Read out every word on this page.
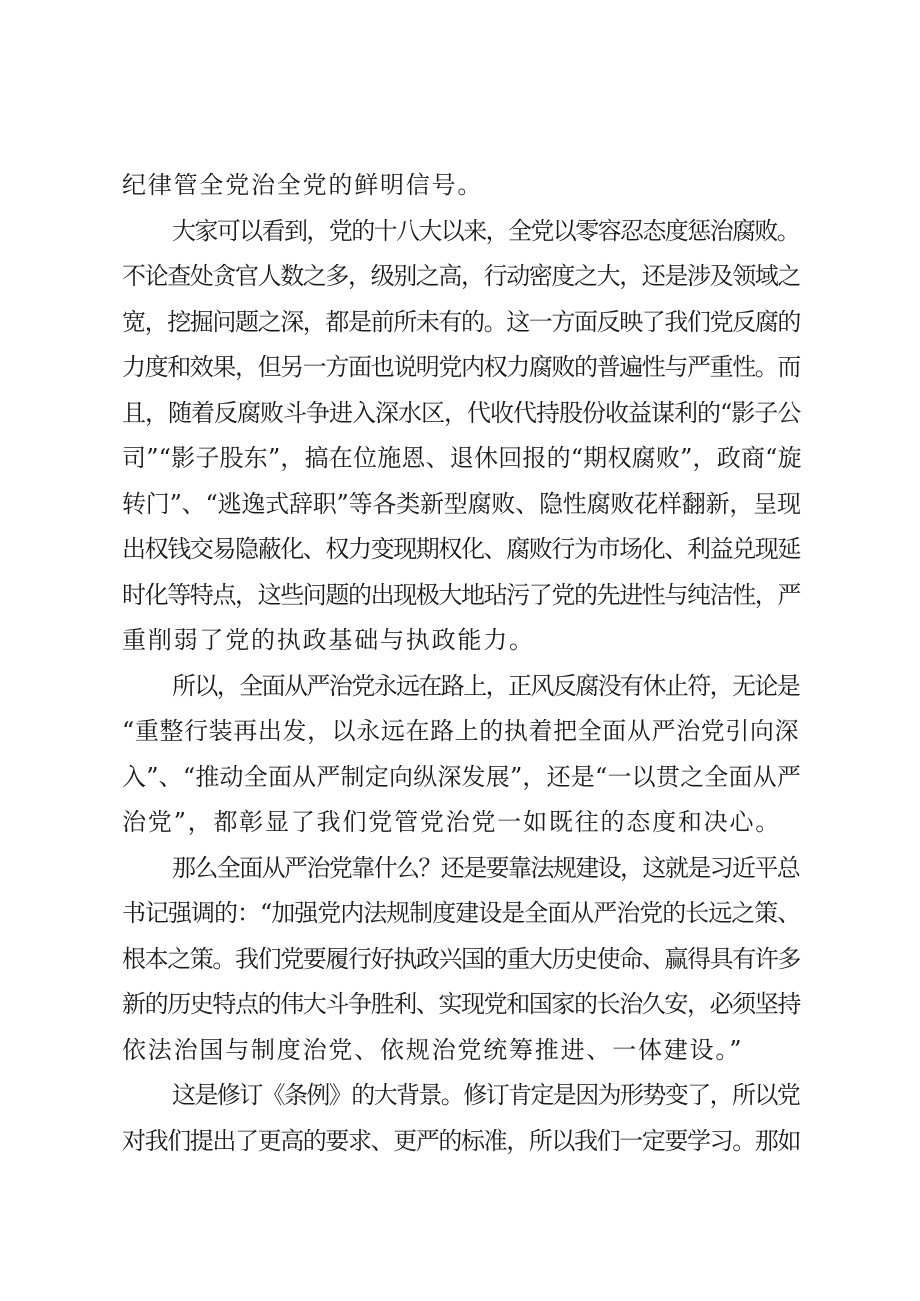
纪律管全党治全党的鲜明信号。
大家可以看到，党的十八大以来，全党以零容忍态度惩治腐败。
不论查处贪官人数之多，级别之高，行动密度之大，还是涉及领域之
宽，挖掘问题之深，都是前所未有的。这一方面反映了我们党反腐的
力度和效果，但另一方面也说明党内权力腐败的普遍性与严重性。而
且，随着反腐败斗争进入深水区，代收代持股份收益谋利的“影子公
司”“影子股东”，搞在位施恩、退休回报的“期权腐败”，政商“旋
转门”、“逃逸式辞职”等各类新型腐败、隐性腐败花样翻新，呈现
出权钱交易隐蔽化、权力变现期权化、腐败行为市场化、利益兑现延
时化等特点，这些问题的出现极大地玷污了党的先进性与纯洁性，严
重削弱了党的执政基础与执政能力。
所以，全面从严治党永远在路上，正风反腐没有休止符，无论是
“重整行装再出发，以永远在路上的执着把全面从严治党引向深
入”、“推动全面从严制定向纵深发展”，还是“一以贯之全面从严
治党”，都彰显了我们党管党治党一如既往的态度和决心。
那么全面从严治党靠什么？还是要靠法规建设，这就是习近平总
书记强调的：“加强党内法规制度建设是全面从严治党的长远之策、
根本之策。我们党要履行好执政兴国的重大历史使命、赢得具有许多
新的历史特点的伟大斗争胜利、实现党和国家的长治久安，必须坚持
依法治国与制度治党、依规治党统筹推进、一体建设。”
这是修订《条例》的大背景。修订肯定是因为形势变了，所以党
对我们提出了更高的要求、更严的标准，所以我们一定要学习。那如
